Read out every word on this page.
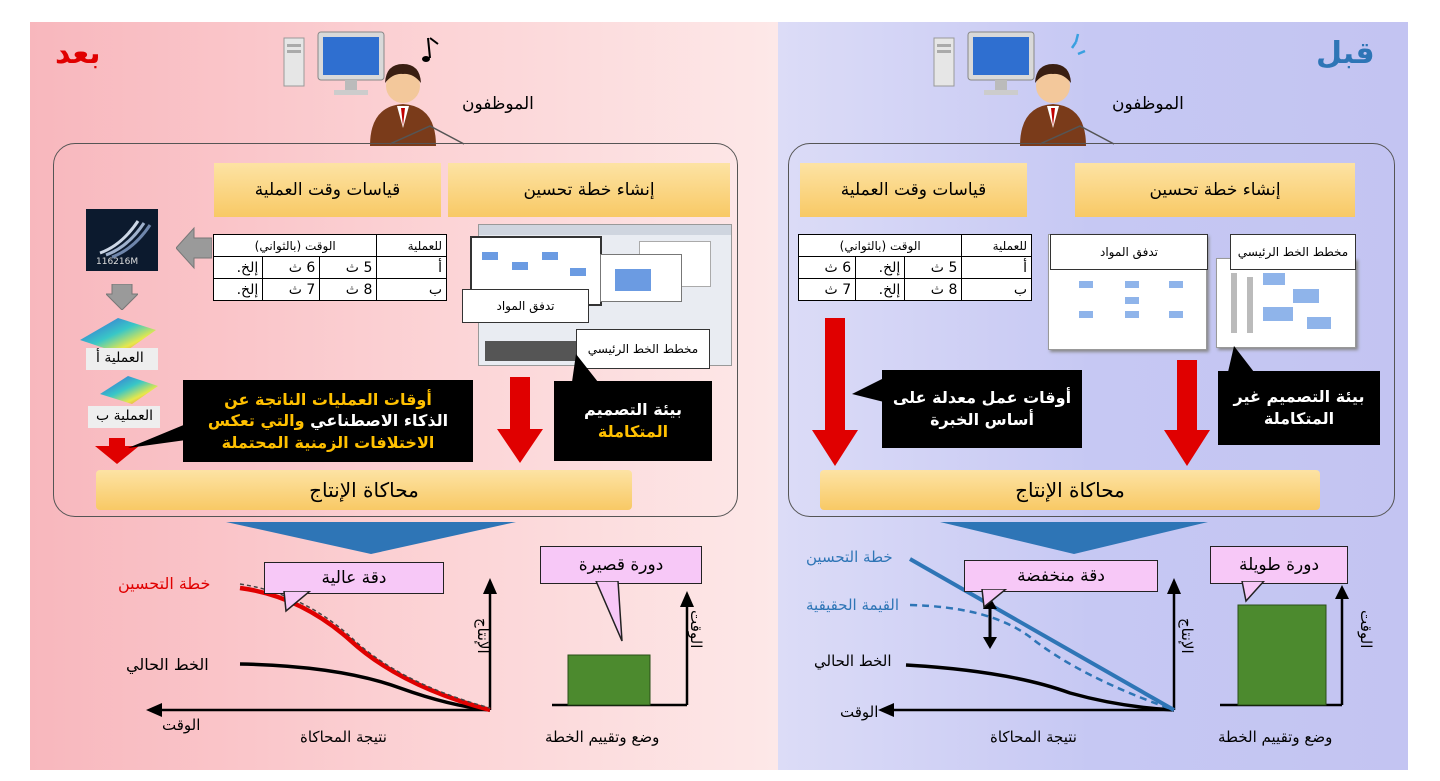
بعد
الموظفون
إنشاء خطة تحسين
قياسات وقت العملية
116216M
العملية أ
العملية ب
للعملية	الوقت (بالثواني)		
أ	5 ث	6 ث	إلخ.
ب	8 ث	7 ث	إلخ.
تدفق المواد
مخطط الخط الرئيسي
أوقات العمليات الناتجة عن
الذكاء الاصطناعي والتي تعكس
الاختلافات الزمنية المحتملة
بيئة التصميم
المتكاملة
محاكاة الإنتاج
خطة التحسين
الخط الحالي
الوقت
نتيجة المحاكاة
الإنتاج
دقة عالية
الوقت
وضع وتقييم الخطة
دورة قصيرة
قبل
الموظفون
إنشاء خطة تحسين
قياسات وقت العملية
للعملية	الوقت (بالثواني)		
أ	5 ث	إلخ.	6 ث
ب	8 ث	إلخ.	7 ث
تدفق المواد	مخطط الخط الرئيسي
أوقات عمل معدلة على
أساس الخبرة
بيئة التصميم غير
المتكاملة
محاكاة الإنتاج
خطة التحسين
القيمة الحقيقية
الخط الحالي
الوقت
نتيجة المحاكاة
الإنتاج
دقة منخفضة
الوقت
وضع وتقييم الخطة
دورة طويلة
